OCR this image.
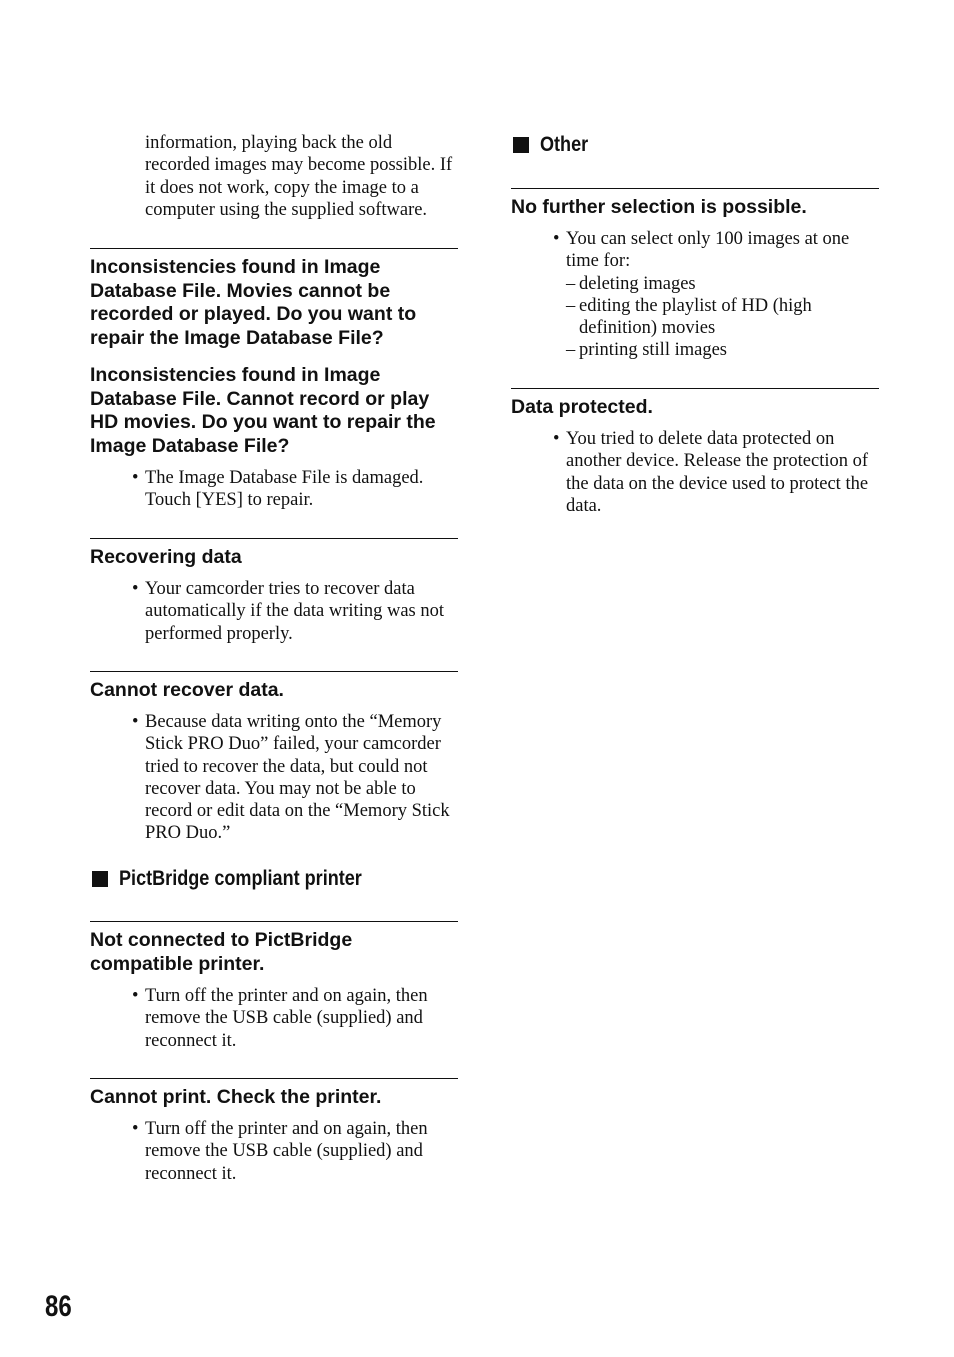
information, playing back the old recorded images may become possible. If it does not work, copy the image to a computer using the supplied software.
Inconsistencies found in Image Database File. Movies cannot be recorded or played. Do you want to repair the Image Database File?
Inconsistencies found in Image Database File. Cannot record or play HD movies. Do you want to repair the Image Database File?
• The Image Database File is damaged. Touch [YES] to repair.
Recovering data
• Your camcorder tries to recover data automatically if the data writing was not performed properly.
Cannot recover data.
• Because data writing onto the “Memory Stick PRO Duo” failed, your camcorder tried to recover the data, but could not recover data. You may not be able to record or edit data on the “Memory Stick PRO Duo.”
PictBridge compliant printer
Not connected to PictBridge compatible printer.
• Turn off the printer and on again, then remove the USB cable (supplied) and reconnect it.
Cannot print. Check the printer.
• Turn off the printer and on again, then remove the USB cable (supplied) and reconnect it.
Other
No further selection is possible.
• You can select only 100 images at one time for:
– deleting images
– editing the playlist of HD (high definition) movies
– printing still images
Data protected.
• You tried to delete data protected on another device. Release the protection of the data on the device used to protect the data.
86
